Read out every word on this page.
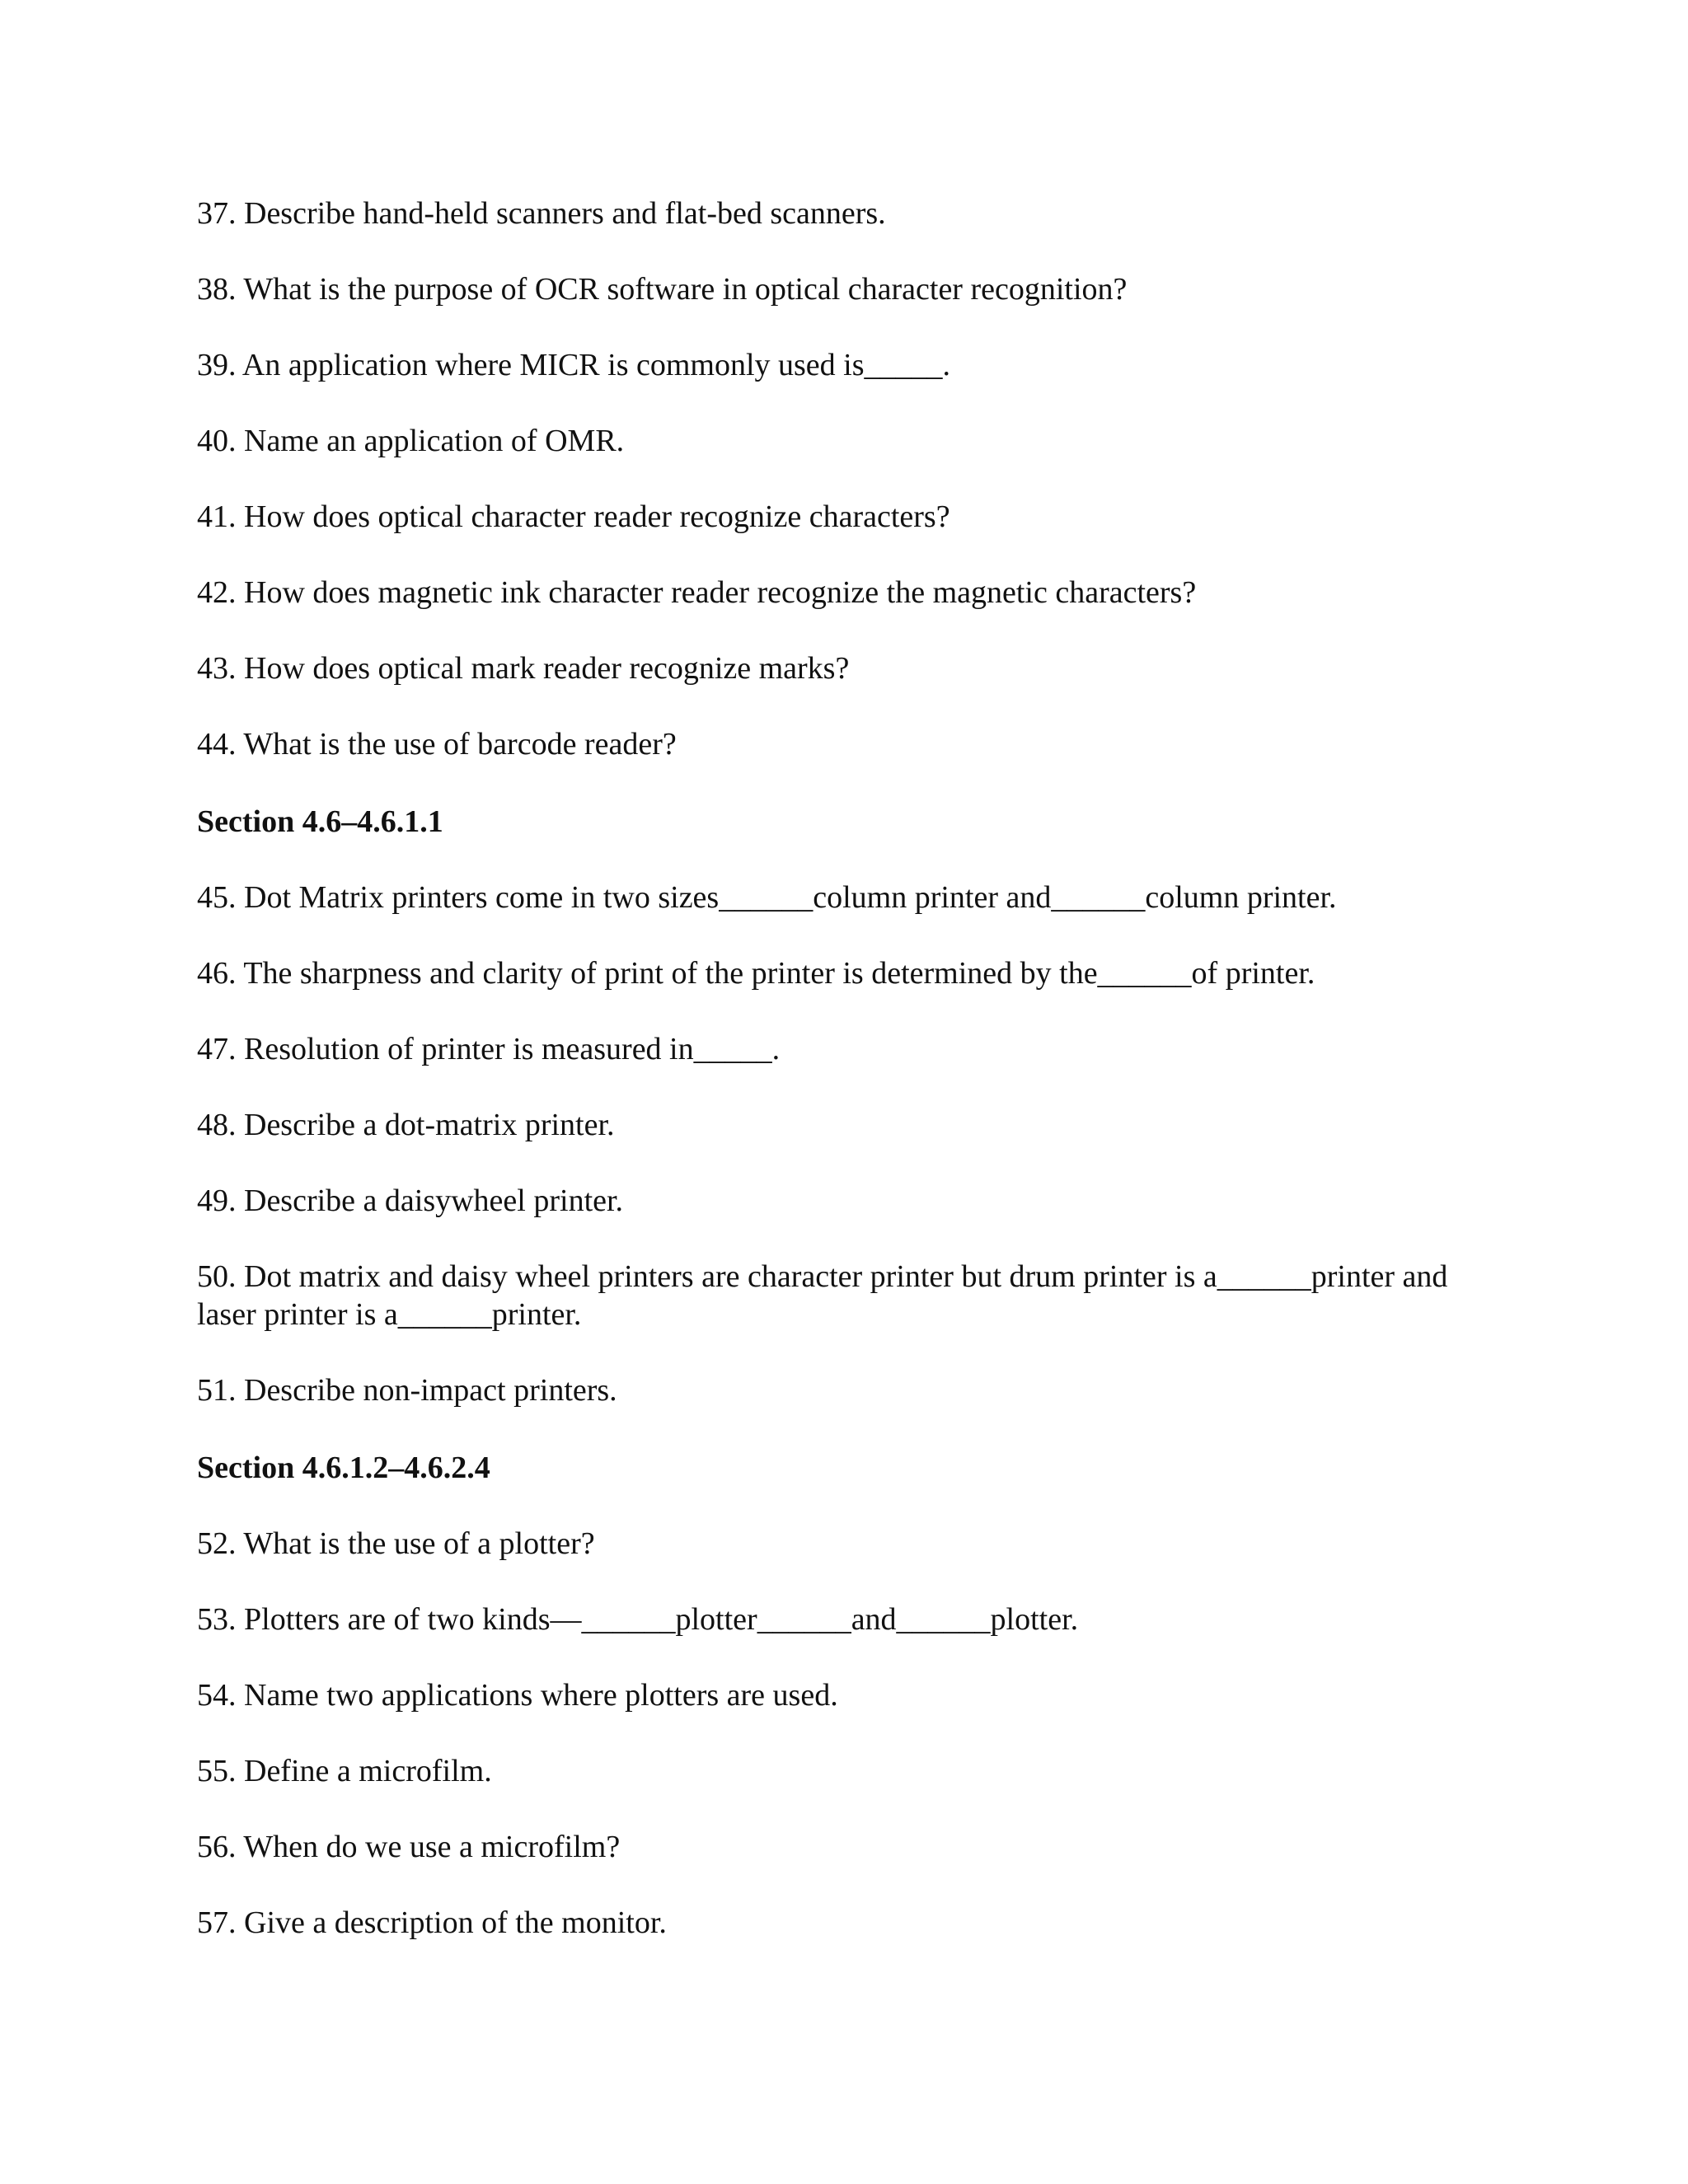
37. Describe hand-held scanners and flat-bed scanners.
38. What is the purpose of OCR software in optical character recognition?
39. An application where MICR is commonly used is_____.
40. Name an application of OMR.
41. How does optical character reader recognize characters?
42. How does magnetic ink character reader recognize the magnetic characters?
43. How does optical mark reader recognize marks?
44. What is the use of barcode reader?
Section 4.6–4.6.1.1
45. Dot Matrix printers come in two sizes______column printer and______column printer.
46. The sharpness and clarity of print of the printer is determined by the______of printer.
47. Resolution of printer is measured in_____.
48. Describe a dot-matrix printer.
49. Describe a daisywheel printer.
50. Dot matrix and daisy wheel printers are character printer but drum printer is a______printer and laser printer is a______printer.
51. Describe non-impact printers.
Section 4.6.1.2–4.6.2.4
52. What is the use of a plotter?
53. Plotters are of two kinds—______plotter______and______plotter.
54. Name two applications where plotters are used.
55. Define a microfilm.
56. When do we use a microfilm?
57. Give a description of the monitor.
